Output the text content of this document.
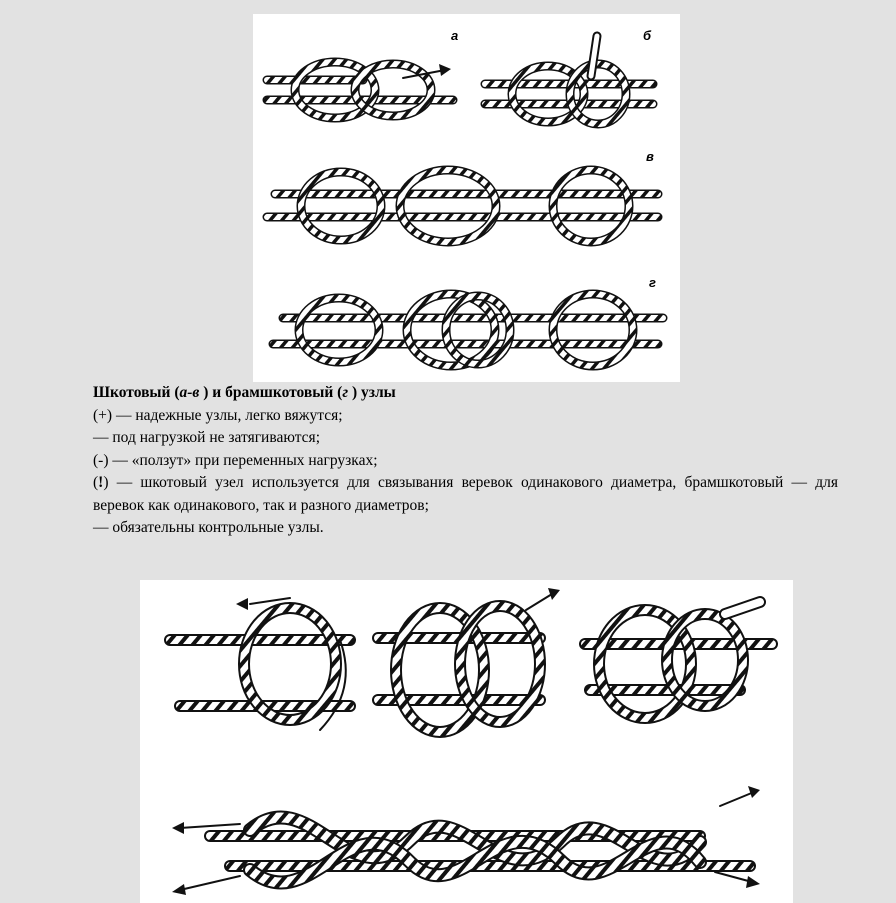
а	б
в
г

Шкотовый (а-в ) и брамшкотовый (г ) узлы

(+) — надежные узлы, легко вяжутся;

— под нагрузкой не затягиваются;

(-) — «ползут» при переменных нагрузках;

(!) — шкотовый узел используется для связывания веревок одинакового диаметра, брамшкотовый — для веревок как одинакового, так и разного диаметров;

— обязательны контрольные узлы.
